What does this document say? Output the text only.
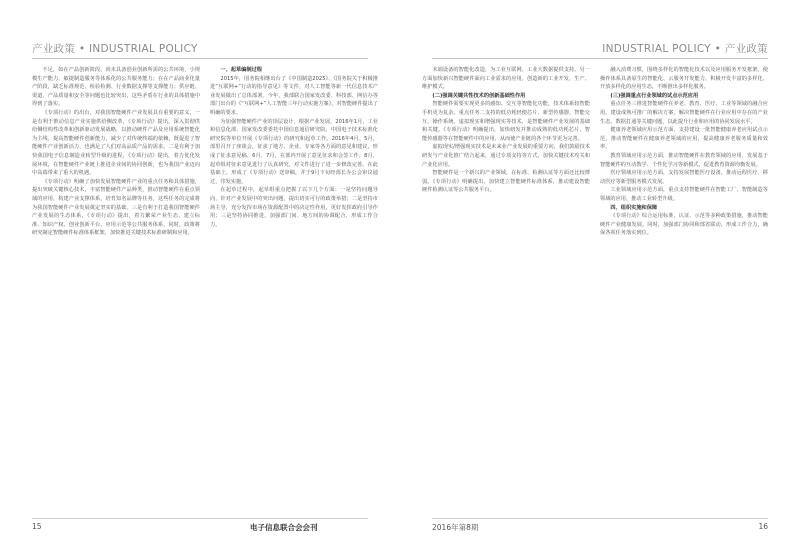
产业政策 • INDUSTRIAL POLICY

不足，如在产品创新阶段，尚未具备创业创新所需的公共环境，小规模生产能力，敏捷制造服务等体系化的公共服务能力；在在产品商业化量产阶段，缺乏标准规范、检验检测、行业数据支撑等支撑能力；供应链、渠道、产品质量和安全等问题也比较突出，这些矛盾在行业的具体措施中得到了落实。

《专项行动》的出台，对我国智能硬件产业发展具有重要的意义，一是有利于推动信息产业实施供给侧改革，《专项行动》提出，深入贯彻供给侧结构性改革和创新驱动发展战略，以推动硬件产品及应用系统智能化为主线，提高智能硬件创新能力，减少了对传统终端的依赖，既促进了智能硬件产业创新活力，也满足了人们对高品质产品的需求。二是有利于加快我国电子信息制造业转型升级的进程，《专项行动》提出，着力优化发展环境，在智能硬件产业链上推进企业间的协同创新，也为我国产业迈向中高端带来了重大的机遇。

《专项行动》明确了加快发展智能硬件产业的重点任务和具体措施，提出突破关键核心技术，丰富智能硬件产品种类，推动智能硬件在重点领域的应用，构建产业支撑体系，培育知名品牌等任务，这些任务的完成将为我国智能硬件产业发展奠定坚实的基础。三是有利于打造我国智能硬件产业发展的生态体系，《专项行动》提出，着力繁荣产业生态，建立标准、知识产权、创业创新平台、应用示范等公共服务体系，同时，政策将研究制定智能硬件标准体系框架，加快推进关键技术标准研制和应用。

一、起草编制过程

2015年，国务院相继出台了《中国制造2025》、《国务院关于积极推进“互联网+”行动的指导意见》等文件，对人工智能等新一代信息技术产业发展做出了总体部署。今年，我部联合国家发改委、科技部、网信办等部门出台的《“互联网+”人工智能三年行动实施方案》，对智能硬件提出了明确的要求。

为加强智能硬件产业的顶层设计，根据产业发展，2016年1月，工业和信息化部、国家发改委委托中国信息通信研究院、中国电子技术标准化研究院等单位开展《专项行动》的研究和起草工作。2016年4月、5月，部里召开了座谈会，征求了地方、企业、专家等各方面的意见和建议，形成了征求意见稿。6月、7月，在部内开展了意见征求和会签工作，8月，起草组对征求意见进行了认真研究，对文件进行了进一步修改完善。在此基础上，形成了《专项行动》送审稿，并于9月下旬经部长办公会审议通过，印发实施。

在起草过程中，起草组重点把握了以下几个方面：一是坚持问题导向，针对产业发展中的突出问题，提出切实可行的政策举措；二是坚持市场主导，充分发挥市场在资源配置中的决定性作用，更好发挥政府引导作用；三是坚持协同推进，加强部门间、地方间的协调配合，形成工作合力。

15	电子信息联合会会刊
INDUSTRIAL POLICY • 产业政策

末端设备的智能化改造，为工业互联网、工业大数据提供支持。另一方面加快新兴智能硬件面向工业需求的应用，创造新的工业开发、生产、维护模式。

(二)强调关键共性技术的创新基础性作用

智能硬件需要实现更多的感知、交互等智能化功能，技术体系较智能手机更为复杂。重点任务二支持的低功耗轻便芯片、新型传感器、智能交互、操作系统、虚拟现实和增强现实等技术，是智能硬件产业发展的基础和关键。《专项行动》明确提出，加快研发并推动成熟的低功耗芯片、智能传感器等在智能硬件中的应用，从而使产业链的各个环节更为完善。

虚拟现实/增强现实技术是未来业产业发展的重要方向，我们鼓励技术研发与产业化推广结合起来，通过专项支持等方式，加快关键技术攻关和产业化应用。

智能硬件是一个新兴的产业领域，在标准、检测认证等方面还比较薄弱。《专项行动》明确提出，加快建立智能硬件标准体系，推动建设智能硬件检测认证等公共服务平台。

融入消费习惯，围绕多样化的智能化技术以及应用服务开发框架。使操作体系具备原生的智能化、云服务开发能力。积极开发丰富的多样化、开放多样化的应用生态，不断推出多样化服务。

(三)强调重点行业领域的试点示范应用

重点任务三推进智能硬件在养老、教育、医疗、工业等领域的融合应用。建设成熟可推广的解决方案，解决智能硬件在行业应用中存在的产业生态、数据打通等关键问题，以此提升行业和应用的协同发展水平。

健康养老领域应用示范方面，支持建设一批智能健康养老应用试点示范，推动智能硬件在健康养老领域的应用，提高健康养老服务质量和效率。

教育领域应用示范方面，推动智能硬件在教育领域的应用，发展基于智能硬件的互动教学、个性化学习等新模式，促进教育资源均衡发展。

医疗领域应用示范方面，支持发展智能医疗设备，推动远程医疗、移动医疗等新型服务模式发展。

工业领域应用示范方面，重点支持智能硬件在智能工厂、智能制造等领域的应用，推动工业转型升级。

四、组织实施和保障

《专项行动》综合运用标准、认证、示范等多种政策措施，推动智能硬件产业健康发展。同时，加强部门协同和部省联动，形成工作合力，确保各项任务落实到位。

2016年第8期	16
